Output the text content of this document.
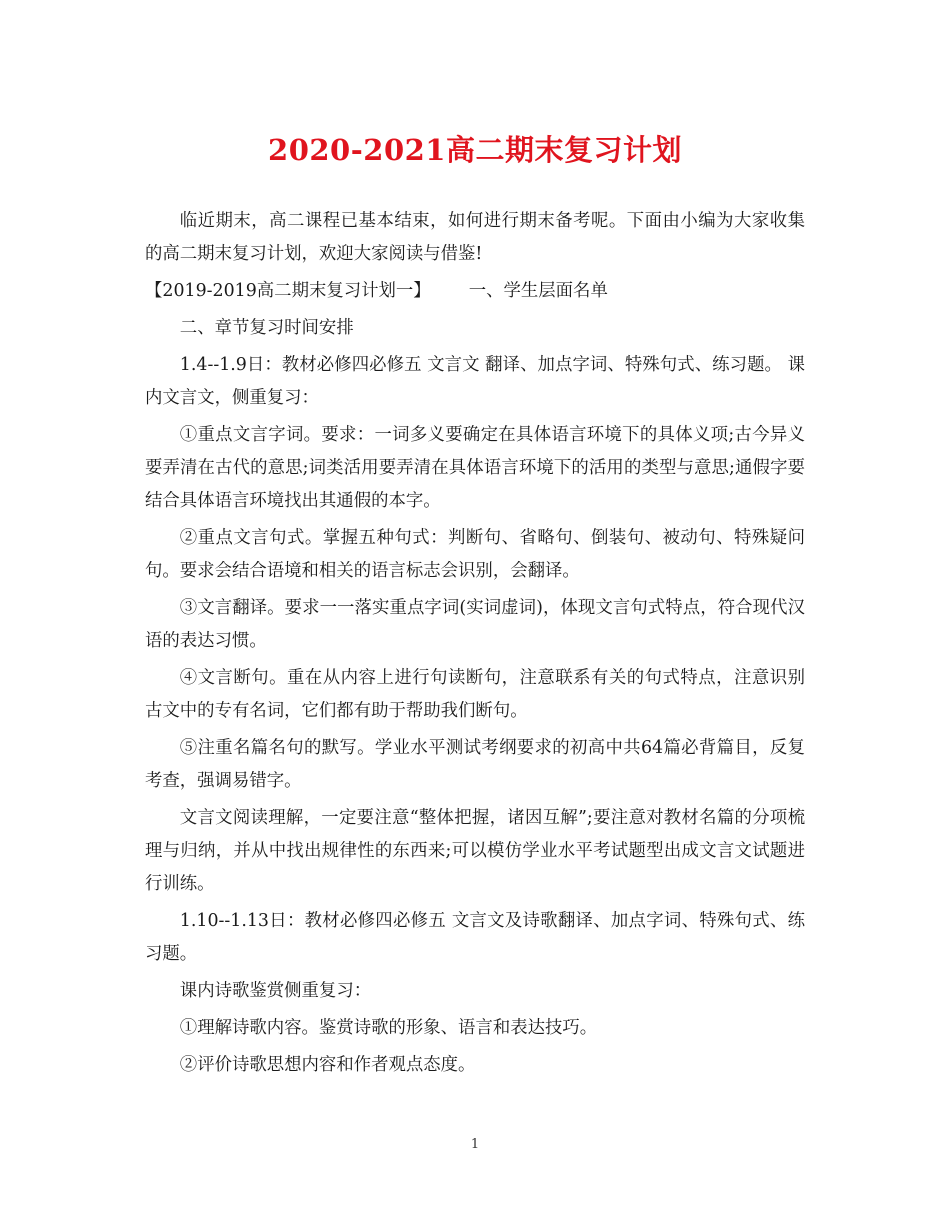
2020-2021高二期末复习计划

临近期末，高二课程已基本结束，如何进行期末备考呢。下面由小编为大家收集的高二期末复习计划，欢迎大家阅读与借鉴!

【2019-2019高二期末复习计划一】 一、学生层面名单

二、章节复习时间安排

1.4--1.9日：教材必修四必修五 文言文 翻译、加点字词、特殊句式、练习题。 课内文言文，侧重复习：

①重点文言字词。要求：一词多义要确定在具体语言环境下的具体义项;古今异义要弄清在古代的意思;词类活用要弄清在具体语言环境下的活用的类型与意思;通假字要结合具体语言环境找出其通假的本字。

②重点文言句式。掌握五种句式：判断句、省略句、倒装句、被动句、特殊疑问句。要求会结合语境和相关的语言标志会识别，会翻译。

③文言翻译。要求一一落实重点字词(实词虚词)，体现文言句式特点，符合现代汉语的表达习惯。

④文言断句。重在从内容上进行句读断句，注意联系有关的句式特点，注意识别古文中的专有名词，它们都有助于帮助我们断句。

⑤注重名篇名句的默写。学业水平测试考纲要求的初高中共64篇必背篇目，反复考查，强调易错字。

文言文阅读理解，一定要注意“整体把握，诸因互解”;要注意对教材名篇的分项梳理与归纳，并从中找出规律性的东西来;可以模仿学业水平考试题型出成文言文试题进行训练。

1.10--1.13日：教材必修四必修五 文言文及诗歌翻译、加点字词、特殊句式、练习题。

课内诗歌鉴赏侧重复习：

①理解诗歌内容。鉴赏诗歌的形象、语言和表达技巧。

②评价诗歌思想内容和作者观点态度。

1
